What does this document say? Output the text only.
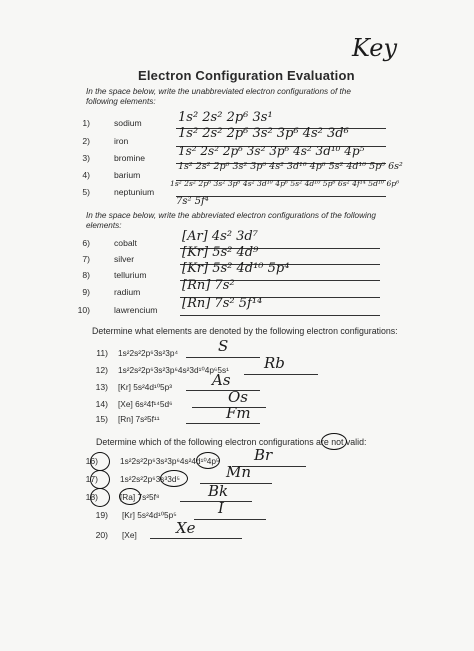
Key
Electron Configuration Evaluation
In the space below, write the unabbreviated electron configurations of the following elements:
1)	sodium	1s² 2s² 2p⁶ 3s¹
2)	iron	1s² 2s² 2p⁶ 3s² 3p⁶ 4s² 3d⁶
3)	bromine	1s² 2s² 2p⁶ 3s² 3p⁶ 4s² 3d¹⁰ 4p⁵
4)	barium
1s² 2s² 2p⁶ 3s² 3p⁶ 4s² 3d¹⁰ 4p⁶ 5s² 4d¹⁰ 5p⁶ 6s²
5)	neptunium
1s² 2s² 2p⁶ 3s² 3p⁶ 4s² 3d¹⁰ 4p⁶ 5s² 4d¹⁰ 5p⁶ 6s² 4f¹⁴ 5d¹⁰ 6p⁶
7s² 5f⁴
In the space below, write the abbreviated electron configurations of the following elements:
6)	cobalt	[Ar] 4s² 3d⁷
7)	silver	[Kr] 5s² 4d⁹
8)	tellurium	[Kr] 5s² 4d¹⁰ 5p⁴
9)	radium	[Rn] 7s²
10)	lawrencium [Rn] 7s² 5f¹⁴
Determine what elements are denoted by the following electron configurations:
11) 1s²2s²2p⁶3s²3p⁴	S
12) 1s²2s²2p⁶3s²3p⁶4s²3d¹⁰4p⁶5s¹ Rb
13) [Kr] 5s²4d¹⁰5p³	As
14) [Xe] 6s²4f¹⁴5d⁶	Os
15) [Rn] 7s²5f¹¹	Fm
Determine which of the following electron configurations are not valid:
16)	1s²2s²2p⁶3s²3p⁶4s²4d¹⁰4p⁵ Br
17)	1s²2s²2p⁶3s³3d⁵	Mn
18)	[Ra] 7s²5f⁸	Bk
19) [Kr] 5s²4d¹⁰5p⁵	I
20) [Xe]	Xe
